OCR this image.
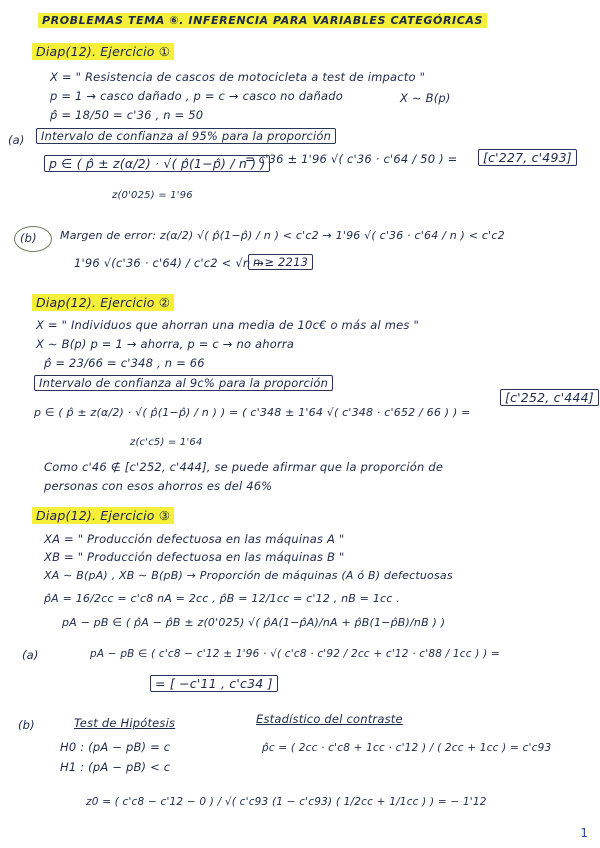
PROBLEMAS TEMA ⑥. INFERENCIA PARA VARIABLES CATEGÓRICAS
Diap(12). Ejercicio ①
X = " Resistencia de cascos de motocicleta a test de impacto "
p = 1 → casco dañado , p = c → casco no dañado	X ∼ B(p)
p̂ = 18/50 = c'36 , n = 50
(a)	Intervalo de confianza al 95% para la proporción
p ∈ ( p̂ ± z(α/2) · √( p̂(1−p̂) / n ) )
= c'36 ± 1'96 √( c'36 · c'64 / 50 ) =	[c'227, c'493]
z(0'025) = 1'96
(b) Margen de error: z(α/2) √( p̂(1−p̂) / n ) < c'c2 → 1'96 √( c'36 · c'64 / n ) < c'c2
1'96 √(c'36 · c'64) / c'c2 < √n →
n ≥ 2213
Diap(12). Ejercicio ②
X = " Individuos que ahorran una media de 10c€ o más al mes "
X ∼ B(p) p = 1 → ahorra, p = c → no ahorra
p̂ = 23/66 = c'348 , n = 66
Intervalo de confianza al 9c% para la proporción
p ∈ ( p̂ ± z(α/2) · √( p̂(1−p̂) / n ) ) = ( c'348 ± 1'64 √( c'348 · c'652 / 66 ) ) =
[c'252, c'444]
z(c'c5) = 1'64
Como c'46 ∉ [c'252, c'444], se puede afirmar que la proporción de
personas con esos ahorros es del 46%
Diap(12). Ejercicio ③
XA = " Producción defectuosa en las máquinas A "
XB = " Producción defectuosa en las máquinas B "
XA ∼ B(pA) , XB ∼ B(pB) → Proporción de máquinas (A ó B) defectuosas
p̂A = 16/2cc = c'c8 nA = 2cc , p̂B = 12/1cc = c'12 , nB = 1cc .
pA − pB ∈ ( p̂A − p̂B ± z(0'025) √( p̂A(1−p̂A)/nA + p̂B(1−p̂B)/nB ) )
(a)	pA − pB ∈ ( c'c8 − c'12 ± 1'96 · √( c'c8 · c'92 / 2cc + c'12 · c'88 / 1cc ) ) =
= [ −c'11 , c'c34 ]
(b)	Test de Hipótesis	Estadístico del contraste
H0 : (pA − pB) = c
H1 : (pA − pB) < c
p̂c = ( 2cc · c'c8 + 1cc · c'12 ) / ( 2cc + 1cc ) = c'c93
z0 = ( c'c8 − c'12 − 0 ) / √( c'c93 (1 − c'c93) ( 1/2cc + 1/1cc ) ) = − 1'12
1
